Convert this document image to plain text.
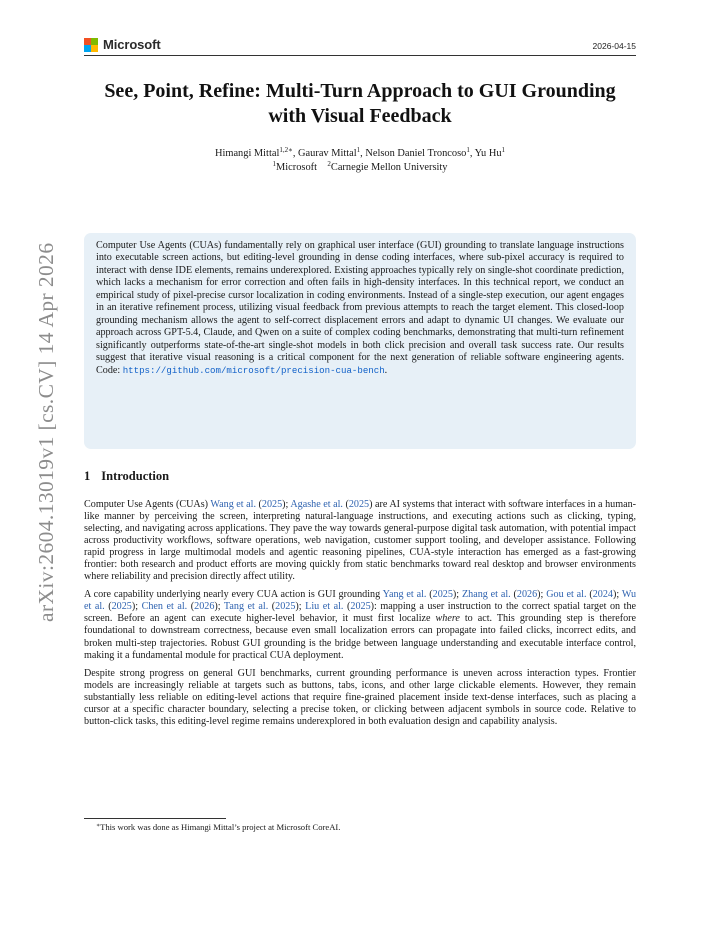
Microsoft	2026-04-15
arXiv:2604.13019v1 [cs.CV] 14 Apr 2026
See, Point, Refine: Multi-Turn Approach to GUI Grounding
with Visual Feedback
Himangi Mittal$^{1,2∗}$, Gaurav Mittal$^1$, Nelson Daniel Troncoso$^1$, Yu Hu$^1$
$^1$Microsoft $^2$Carnegie Mellon University

Computer Use Agents (CUAs) fundamentally rely on graphical user interface (GUI) grounding to translate language instructions into executable screen actions, but editing-level grounding in dense coding interfaces, where sub-pixel accuracy is required to interact with dense IDE elements, remains underexplored. Existing approaches typically rely on single-shot coordinate prediction, which lacks a mechanism for error correction and often fails in high-density interfaces. In this technical report, we conduct an empirical study of pixel-precise cursor localization in coding environments. Instead of a single-step execution, our agent engages in an iterative refinement process, utilizing visual feedback from previous attempts to reach the target element. This closed-loop grounding mechanism allows the agent to self-correct displacement errors and adapt to dynamic UI changes. We evaluate our approach across GPT-5.4, Claude, and Qwen on a suite of complex coding benchmarks, demonstrating that multi-turn refinement significantly outperforms state-of-the-art single-shot models in both click precision and overall task success rate. Our results suggest that iterative visual reasoning is a critical component for the next generation of reliable software engineering agents. Code: https://github.com/microsoft/precision-cua-bench.

1 Introduction

Computer Use Agents (CUAs) Wang et al. (2025); Agashe et al. (2025) are AI systems that interact with software interfaces in a human-like manner by perceiving the screen, interpreting natural-language instructions, and executing actions such as clicking, typing, selecting, and navigating across applications. They pave the way towards general-purpose digital task automation, with potential impact across productivity workflows, software operations, web navigation, customer support tooling, and developer assistance. Following rapid progress in large multimodal models and agentic reasoning pipelines, CUA-style interaction has emerged as a fast-growing frontier: both research and product efforts are moving quickly from static benchmarks toward real desktop and browser environments where reliability and precision directly affect utility.

A core capability underlying nearly every CUA action is GUI grounding Yang et al. (2025); Zhang et al. (2026); Gou et al. (2024); Wu et al. (2025); Chen et al. (2026); Tang et al. (2025); Liu et al. (2025): mapping a user instruction to the correct spatial target on the screen. Before an agent can execute higher-level behavior, it must first localize where to act. This grounding step is therefore foundational to downstream correctness, because even small localization errors can propagate into failed clicks, incorrect edits, and broken multi-step trajectories. Robust GUI grounding is the bridge between language understanding and executable interface control, making it a fundamental module for practical CUA deployment.

Despite strong progress on general GUI benchmarks, current grounding performance is uneven across interaction types. Frontier models are increasingly reliable at targets such as buttons, tabs, icons, and other large clickable elements. However, they remain substantially less reliable on editing-level actions that require fine-grained placement inside text-dense interfaces, such as placing a cursor at a specific character boundary, selecting a precise token, or clicking between adjacent symbols in source code. Relative to button-click tasks, this editing-level regime remains underexplored in both evaluation design and capability analysis.

∗This work was done as Himangi Mittal’s project at Microsoft CoreAI.
